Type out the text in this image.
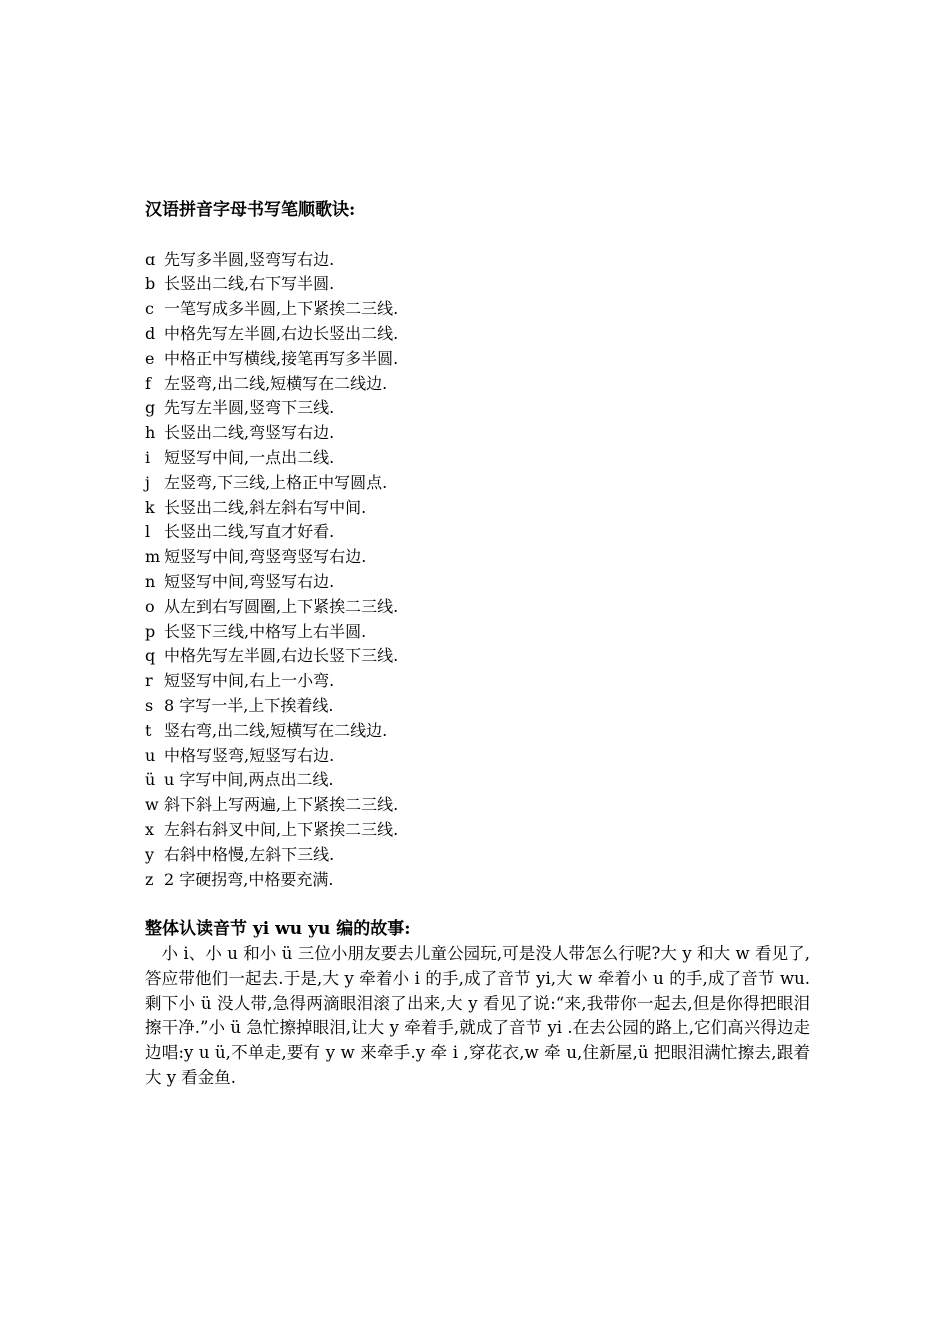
汉语拼音字母书写笔顺歌诀:
ɑ 先写多半圆,竖弯写右边.
b 长竖出二线,右下写半圆.
c 一笔写成多半圆,上下紧挨二三线.
d 中格先写左半圆,右边长竖出二线.
e 中格正中写横线,接笔再写多半圆.
f 左竖弯,出二线,短横写在二线边.
g 先写左半圆,竖弯下三线.
h 长竖出二线,弯竖写右边.
i 短竖写中间,一点出二线.
j 左竖弯,下三线,上格正中写圆点.
k 长竖出二线,斜左斜右写中间.
l 长竖出二线,写直才好看.
m 短竖写中间,弯竖弯竖写右边.
n 短竖写中间,弯竖写右边.
o 从左到右写圆圈,上下紧挨二三线.
p 长竖下三线,中格写上右半圆.
q 中格先写左半圆,右边长竖下三线.
r 短竖写中间,右上一小弯.
s 8 字写一半,上下挨着线.
t 竖右弯,出二线,短横写在二线边.
u 中格写竖弯,短竖写右边.
ü u 字写中间,两点出二线.
w 斜下斜上写两遍,上下紧挨二三线.
x 左斜右斜叉中间,上下紧挨二三线.
y 右斜中格慢,左斜下三线.
z 2 字硬拐弯,中格要充满.
整体认读音节 yi wu yu 编的故事:

小 i、小 u 和小 ü 三位小朋友要去儿童公园玩,可是没人带怎么行呢?大 y 和大 w 看见了,答应带他们一起去.于是,大 y 牵着小 i 的手,成了音节 yi,大 w 牵着小 u 的手,成了音节 wu.剩下小 ü 没人带,急得两滴眼泪滚了出来,大 y 看见了说:“来,我带你一起去,但是你得把眼泪擦干净.”小 ü 急忙擦掉眼泪,让大 y 牵着手,就成了音节 yi .在去公园的路上,它们高兴得边走边唱:y u ü,不单走,要有 y w 来牵手.y 牵 i ,穿花衣,w 牵 u,住新屋,ü 把眼泪满忙擦去,跟着大 y 看金鱼.
